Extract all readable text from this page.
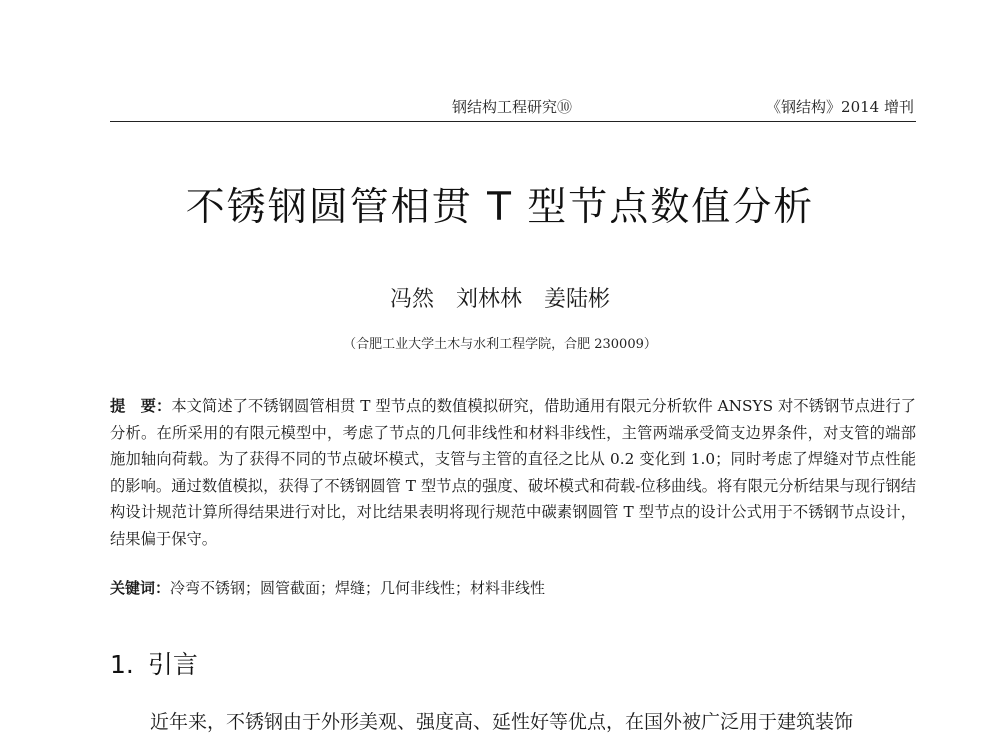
钢结构工程研究⑩	《钢结构》2014 增刊
不锈钢圆管相贯 T 型节点数值分析
冯然　刘林林　姜陆彬
（合肥工业大学土木与水利工程学院，合肥 230009）
提　要：本文简述了不锈钢圆管相贯 T 型节点的数值模拟研究，借助通用有限元分析软件 ANSYS 对不锈钢节点进行了分析。在所采用的有限元模型中，考虑了节点的几何非线性和材料非线性，主管两端承受简支边界条件，对支管的端部施加轴向荷载。为了获得不同的节点破坏模式，支管与主管的直径之比从 0.2 变化到 1.0；同时考虑了焊缝对节点性能的影响。通过数值模拟，获得了不锈钢圆管 T 型节点的强度、破坏模式和荷载-位移曲线。将有限元分析结果与现行钢结构设计规范计算所得结果进行对比，对比结果表明将现行规范中碳素钢圆管 T 型节点的设计公式用于不锈钢节点设计，结果偏于保守。
关键词：冷弯不锈钢；圆管截面；焊缝；几何非线性；材料非线性
1. 引言
近年来，不锈钢由于外形美观、强度高、延性好等优点，在国外被广泛用于建筑装饰
